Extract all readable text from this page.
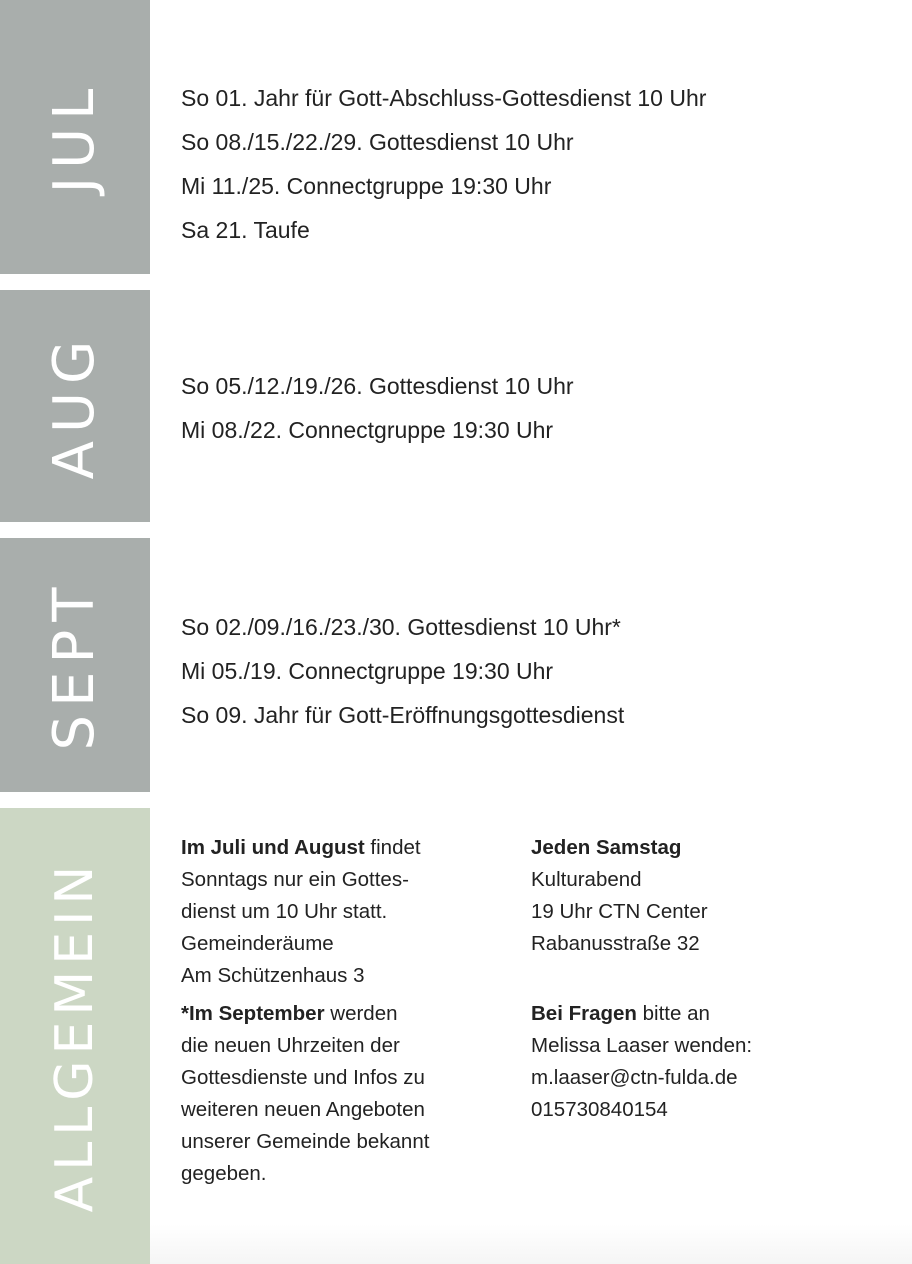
JUL	So 01. Jahr für Gott-Abschluss-Gottesdienst 10 Uhr
So 08./15./22./29. Gottesdienst 10 Uhr
Mi 11./25. Connectgruppe 19:30 Uhr
Sa 21. Taufe
AUG	So 05./12./19./26. Gottesdienst 10 Uhr
Mi 08./22. Connectgruppe 19:30 Uhr
SEPT	So 02./09./16./23./30. Gottesdienst 10 Uhr*
Mi 05./19. Connectgruppe 19:30 Uhr
So 09. Jahr für Gott-Eröffnungsgottesdienst
ALLGEMEIN

Im Juli und August findet

Sonntags nur ein Gottes-

dienst um 10 Uhr statt.

Gemeinderäume

Am Schützenhaus 3

*Im September werden

die neuen Uhrzeiten der

Gottesdienste und Infos zu

weiteren neuen Angeboten

unserer Gemeinde bekannt

gegeben.

Jeden Samstag

Kulturabend

19 Uhr CTN Center

Rabanusstraße 32

Bei Fragen bitte an

Melissa Laaser wenden:

m.laaser@ctn-fulda.de

015730840154
